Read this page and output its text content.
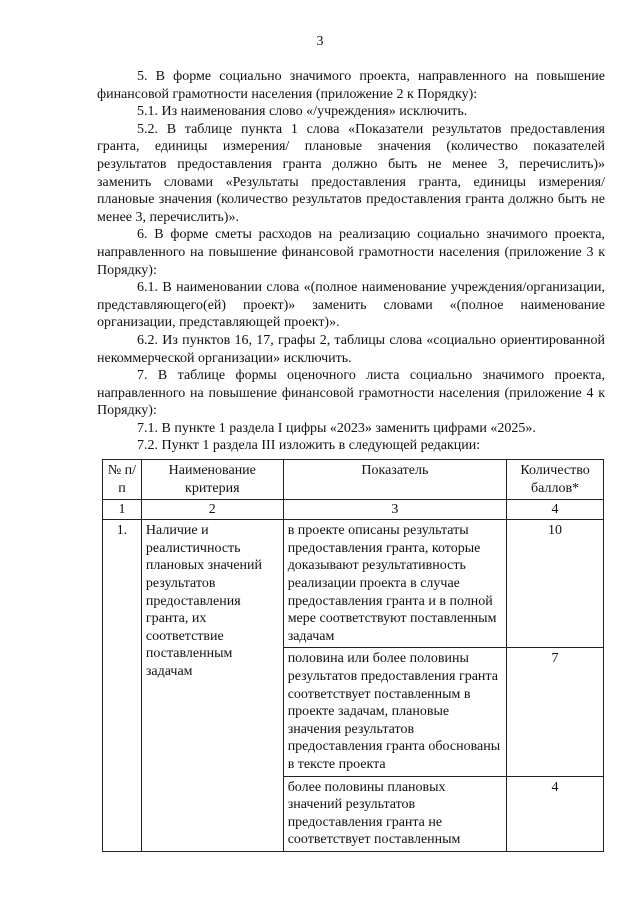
3

5. В форме социально значимого проекта, направленного на повышение финансовой грамотности населения (приложение 2 к Порядку):

5.1. Из наименования слово «/учреждения» исключить.

5.2. В таблице пункта 1 слова «Показатели результатов предоставления гранта, единицы измерения/ плановые значения (количество показателей результатов предоставления гранта должно быть не менее 3, перечислить)» заменить словами «Результаты предоставления гранта, единицы измерения/ плановые значения (количество результатов предоставления гранта должно быть не менее 3, перечислить)».

6. В форме сметы расходов на реализацию социально значимого проекта, направленного на повышение финансовой грамотности населения (приложение 3 к Порядку):

6.1. В наименовании слова «(полное наименование учреждения/организации, представляющего(ей) проект)» заменить словами «(полное наименование организации, представляющей проект)».

6.2. Из пунктов 16, 17, графы 2, таблицы слова «социально ориентированной некоммерческой организации» исключить.

7. В таблице формы оценочного листа социально значимого проекта, направленного на повышение финансовой грамотности населения (приложение 4 к Порядку):

7.1. В пункте 1 раздела I цифры «2023» заменить цифрами «2025».

7.2. Пункт 1 раздела III изложить в следующей редакции:

№ п/п	Наименование критерия	Показатель	Количество баллов*
1	2	3	4
1.	Наличие и реалистичность плановых значений результатов предоставления гранта, их соответствие поставленным задачам	в проекте описаны результаты предоставления гранта, которые доказывают результативность реализации проекта в случае предоставления гранта и в полной мере соответствуют поставленным задачам	10
		половина или более половины результатов предоставления гранта соответствует поставленным в проекте задачам, плановые значения результатов предоставления гранта обоснованы в тексте проекта	7
		более половины плановых значений результатов предоставления гранта не соответствует поставленным	4
